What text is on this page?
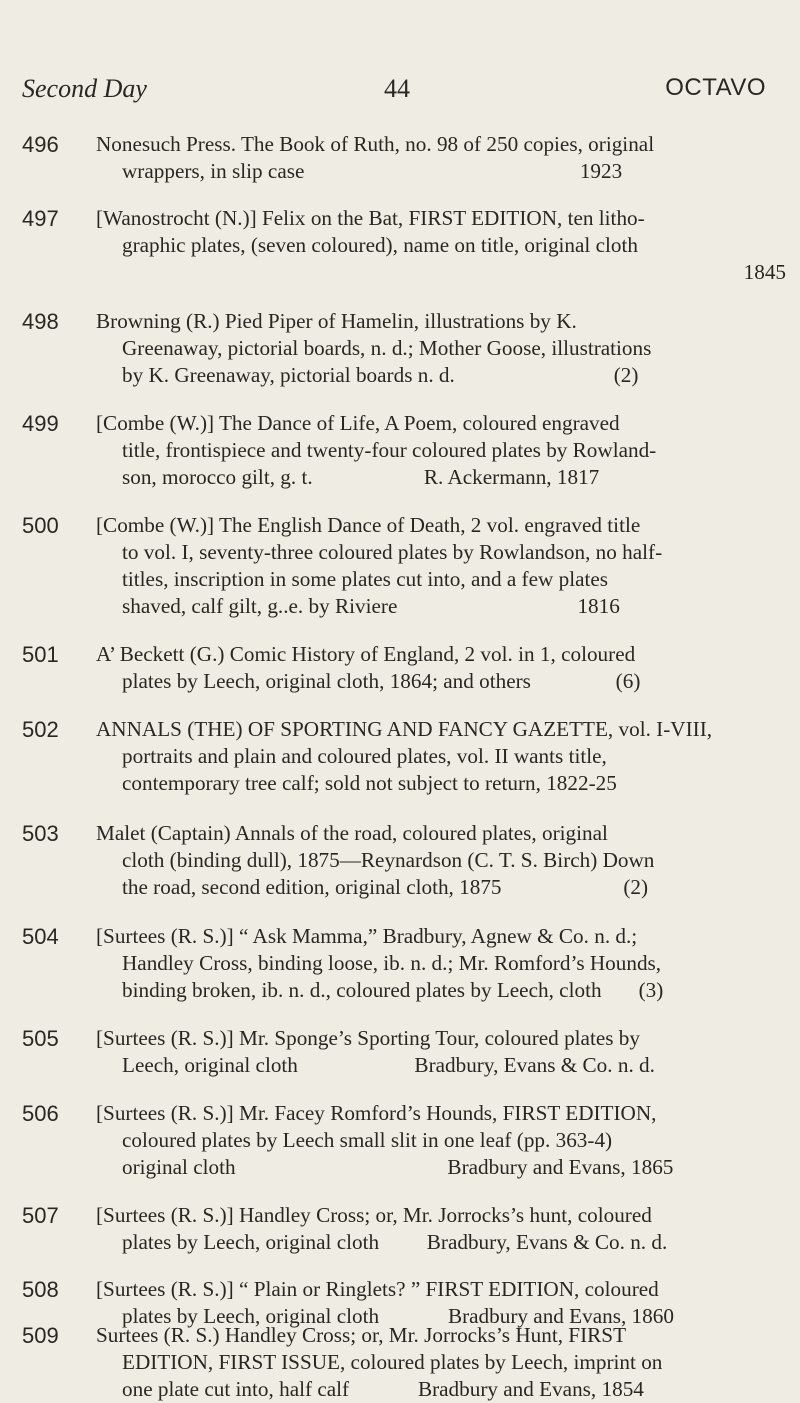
Second Day	44	OCTAVO
496	Nonesuch Press. The Book of Ruth, no. 98 of 250 copies, original
wrappers, in slip case                                                    1923
497	[Wanostrocht (N.)] Felix on the Bat, FIRST EDITION, ten litho-
graphic plates, (seven coloured), name on title, original cloth
1845
498	Browning (R.) Pied Piper of Hamelin, illustrations by K.
Greenaway, pictorial boards, n. d.; Mother Goose, illustrations
by K. Greenaway, pictorial boards n. d.                              (2)
499	[Combe (W.)] The Dance of Life, A Poem, coloured engraved
title, frontispiece and twenty-four coloured plates by Rowland-
son, morocco gilt, g. t.                     R. Ackermann, 1817
500	[Combe (W.)] The English Dance of Death, 2 vol. engraved title
to vol. I, seventy-three coloured plates by Rowlandson, no half-
titles, inscription in some plates cut into, and a few plates
shaved, calf gilt, g..e. by Riviere                                  1816
501	A’ Beckett (G.) Comic History of England, 2 vol. in 1, coloured
plates by Leech, original cloth, 1864; and others                (6)
502	ANNALS (THE) OF SPORTING AND FANCY GAZETTE, vol. I-VIII,
portraits and plain and coloured plates, vol. II wants title,
contemporary tree calf; sold not subject to return, 1822-25
503	Malet (Captain) Annals of the road, coloured plates, original
cloth (binding dull), 1875—Reynardson (C. T. S. Birch) Down
the road, second edition, original cloth, 1875                       (2)
504	[Surtees (R. S.)] “ Ask Mamma,” Bradbury, Agnew & Co. n. d.;
Handley Cross, binding loose, ib. n. d.; Mr. Romford’s Hounds,
binding broken, ib. n. d., coloured plates by Leech, cloth       (3)
505	[Surtees (R. S.)] Mr. Sponge’s Sporting Tour, coloured plates by
Leech, original cloth                      Bradbury, Evans & Co. n. d.
506	[Surtees (R. S.)] Mr. Facey Romford’s Hounds, FIRST EDITION,
coloured plates by Leech small slit in one leaf (pp. 363-4)
original cloth                                        Bradbury and Evans, 1865
507	[Surtees (R. S.)] Handley Cross; or, Mr. Jorrocks’s hunt, coloured
plates by Leech, original cloth         Bradbury, Evans & Co. n. d.
508	[Surtees (R. S.)] “ Plain or Ringlets? ” FIRST EDITION, coloured
plates by Leech, original cloth             Bradbury and Evans, 1860
509	Surtees (R. S.) Handley Cross; or, Mr. Jorrocks’s Hunt, FIRST
EDITION, FIRST ISSUE, coloured plates by Leech, imprint on
one plate cut into, half calf             Bradbury and Evans, 1854
